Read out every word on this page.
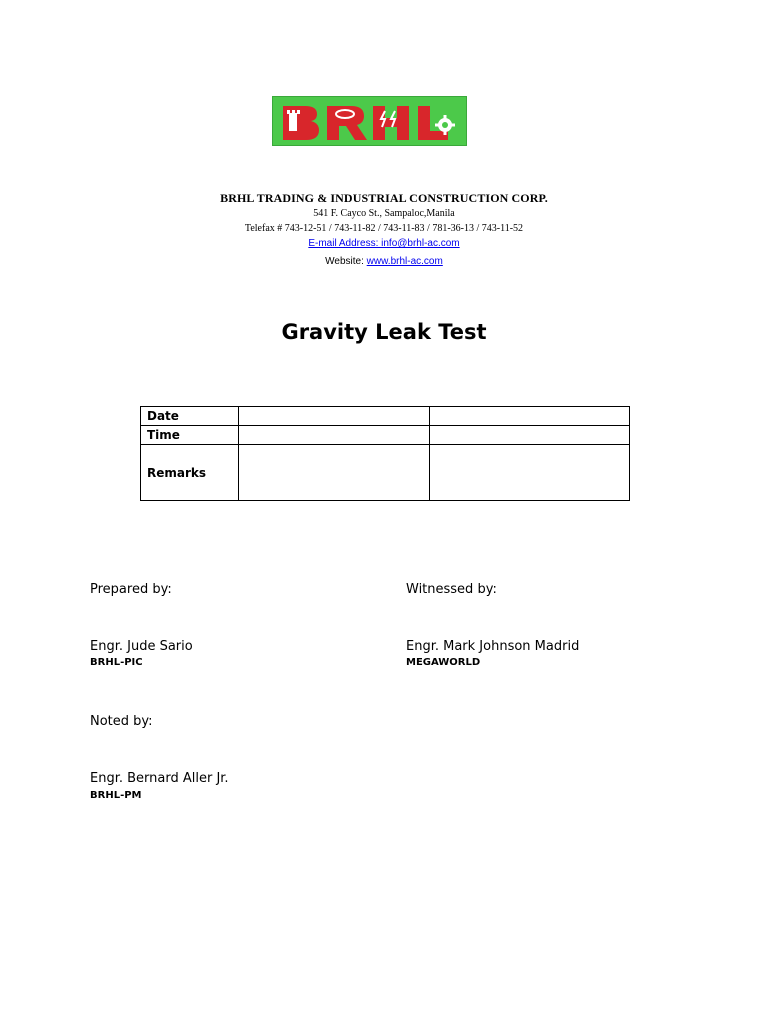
BRHL TRADING & INDUSTRIAL CONSTRUCTION CORP.
541 F. Cayco St., Sampaloc,Manila
Telefax # 743-12-51 / 743-11-82 / 743-11-83 / 781-36-13 / 743-11-52
E-mail Address: info@brhl-ac.com
Website: www.brhl-ac.com
Gravity Leak Test
Date		
Time		
Remarks		
Prepared by:
Engr. Jude Sario
BRHL-PIC
Witnessed by:
Engr. Mark Johnson Madrid
MEGAWORLD
Noted by:
Engr. Bernard Aller Jr.
BRHL-PM
